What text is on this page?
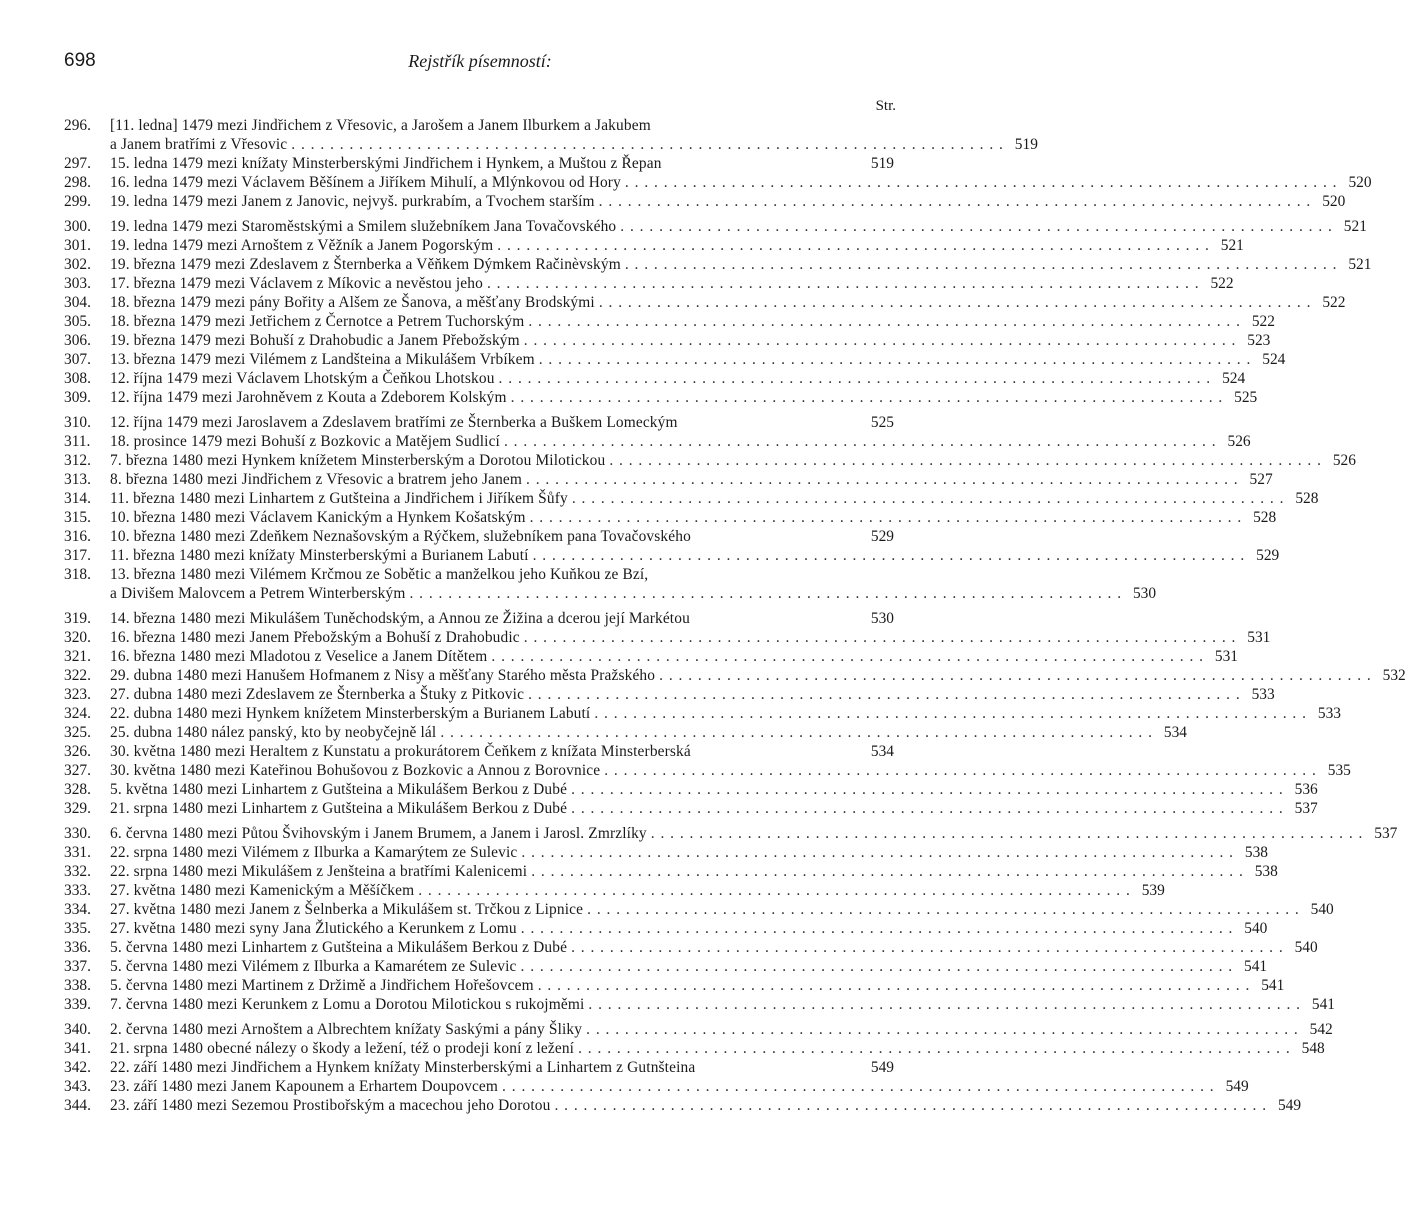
698	Rejstřík písemností:
Str.
296.	[11. ledna] 1479 mezi Jindřichem z Vřesovic, a Jarošem a Janem Ilburkem a Jakubem
a Janem bratřími z Vřesovic . . .	519
297.	15. ledna 1479 mezi knížaty Minsterberskými Jindřichem i Hynkem, a Muštou z Řepan	519
298.	16. ledna 1479 mezi Václavem Běšínem a Jiříkem Mihulí, a Mlýnkovou od Hory . . .	520
299.	19. ledna 1479 mezi Janem z Janovic, nejvyš. purkrabím, a Tvochem starším . . .	520
300.	19. ledna 1479 mezi Staroměstskými a Smilem služebníkem Jana Tovačovského . . .	521
301.	19. ledna 1479 mezi Arnoštem z Věžník a Janem Pogorským . . .	521
302.	19. března 1479 mezi Zdeslavem z Šternberka a Věňkem Dýmkem Račinèvským . . .	521
303.	17. března 1479 mezi Václavem z Míkovic a nevěstou jeho . . .	522
304.	18. března 1479 mezi pány Bořity a Alšem ze Šanova, a měšťany Brodskými . . .	522
305.	18. března 1479 mezi Jetřichem z Černotce a Petrem Tuchorským . . .	522
306.	19. března 1479 mezi Bohuší z Drahobudic a Janem Přebožským . . .	523
307.	13. března 1479 mezi Vilémem z Landšteina a Mikulášem Vrbíkem . . .	524
308.	12. října 1479 mezi Václavem Lhotským a Čeňkou Lhotskou . . .	524
309.	12. října 1479 mezi Jarohněvem z Kouta a Zdeborem Kolským . . .	525
310.	12. října 1479 mezi Jaroslavem a Zdeslavem bratřími ze Šternberka a Buškem Lomeckým	525
311.	18. prosince 1479 mezi Bohuší z Bozkovic a Matějem Sudlicí . . .	526
312.	7. března 1480 mezi Hynkem knížetem Minsterberským a Dorotou Milotickou . . .	526
313.	8. března 1480 mezi Jindřichem z Vřesovic a bratrem jeho Janem . . .	527
314.	11. března 1480 mezi Linhartem z Gutšteina a Jindřichem i Jiříkem Šůfy . . .	528
315.	10. března 1480 mezi Václavem Kanickým a Hynkem Košatským . . .	528
316.	10. března 1480 mezi Zdeňkem Neznašovským a Rýčkem, služebníkem pana Tovačovského	529
317.	11. března 1480 mezi knížaty Minsterberskými a Burianem Labutí . . .	529
318.	13. března 1480 mezi Vilémem Krčmou ze Sobětic a manželkou jeho Kuňkou ze Bzí,
a Divišem Malovcem a Petrem Winterberským . . .	530
319.	14. března 1480 mezi Mikulášem Tuněchodským, a Annou ze Žižina a dcerou její Markétou	530
320.	16. března 1480 mezi Janem Přebožským a Bohuší z Drahobudic . . .	531
321.	16. března 1480 mezi Mladotou z Veselice a Janem Dítětem . . .	531
322.	29. dubna 1480 mezi Hanušem Hofmanem z Nisy a měšťany Starého města Pražského . . .	532
323.	27. dubna 1480 mezi Zdeslavem ze Šternberka a Štuky z Pitkovic . . .	533
324.	22. dubna 1480 mezi Hynkem knížetem Minsterberským a Burianem Labutí . . .	533
325.	25. dubna 1480 nález panský, kto by neobyčejně lál . . .	534
326.	30. května 1480 mezi Heraltem z Kunstatu a prokurátorem Čeňkem z knížata Minsterberská	534
327.	30. května 1480 mezi Kateřinou Bohušovou z Bozkovic a Annou z Borovnice . . .	535
328.	5. května 1480 mezi Linhartem z Gutšteina a Mikulášem Berkou z Dubé . . .	536
329.	21. srpna 1480 mezi Linhartem z Gutšteina a Mikulášem Berkou z Dubé . . .	537
330.	6. června 1480 mezi Půtou Švihovským i Janem Brumem, a Janem i Jarosl. Zmrzlíky . . .	537
331.	22. srpna 1480 mezi Vilémem z Ilburka a Kamarýtem ze Sulevic . . .	538
332.	22. srpna 1480 mezi Mikulášem z Jenšteina a bratřími Kalenicemi . . .	538
333.	27. května 1480 mezi Kamenickým a Měšíčkem . . .	539
334.	27. května 1480 mezi Janem z Šelnberka a Mikulášem st. Trčkou z Lipnice . . .	540
335.	27. května 1480 mezi syny Jana Žlutického a Kerunkem z Lomu . . .	540
336.	5. června 1480 mezi Linhartem z Gutšteina a Mikulášem Berkou z Dubé . . .	540
337.	5. června 1480 mezi Vilémem z Ilburka a Kamarétem ze Sulevic . . .	541
338.	5. června 1480 mezi Martinem z Držimě a Jindřichem Hořešovcem . . .	541
339.	7. června 1480 mezi Kerunkem z Lomu a Dorotou Milotickou s rukojměmi . . .	541
340.	2. června 1480 mezi Arnoštem a Albrechtem knížaty Saskými a pány Šliky . . .	542
341.	21. srpna 1480 obecné nálezy o škody a ležení, též o prodeji koní z ležení . . .	548
342.	22. září 1480 mezi Jindřichem a Hynkem knížaty Minsterberskými a Linhartem z Gutnšteina	549
343.	23. září 1480 mezi Janem Kapounem a Erhartem Doupovcem . . .	549
344.	23. září 1480 mezi Sezemou Prostibořským a macechou jeho Dorotou . . .	549
